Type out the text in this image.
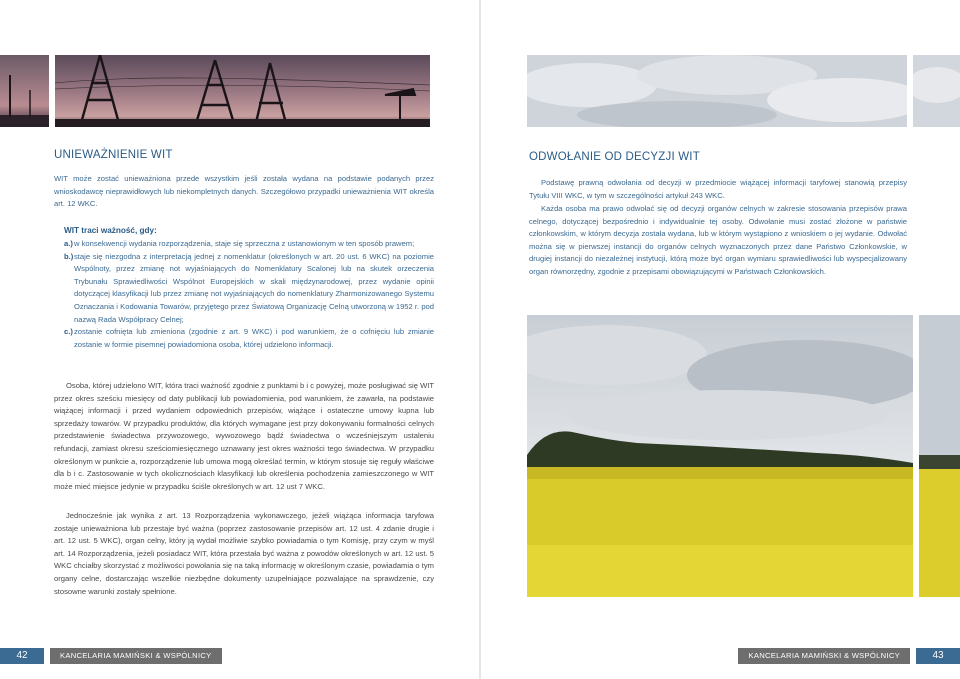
UNIEWAŻNIENIE WIT
WIT może zostać unieważniona przede wszystkim jeśli została wydana na podstawie podanych przez wnioskodawcę nieprawidłowych lub niekompletnych danych. Szczegółowo przypadki unieważnienia WIT określa art. 12 WKC.
WIT traci ważność, gdy:
a.) w konsekwencji wydania rozporządzenia, staje się sprzeczna z ustanowionym w ten sposób prawem;
b.) staje się niezgodna z interpretacją jednej z nomenklatur (określonych w art. 20 ust. 6 WKC) na poziomie Wspólnoty, przez zmianę not wyjaśniających do Nomenklatury Scalonej lub na skutek orzeczenia Trybunału Sprawiedliwości Wspólnot Europejskich w skali międzynarodowej, przez wydanie opinii dotyczącej klasyfikacji lub przez zmianę not wyjaśniających do nomenklatury Zharmonizowanego Systemu Oznaczania i Kodowania Towarów, przyjętego przez Światową Organizację Celną utworzoną w 1952 r. pod nazwą Rada Współpracy Celnej;
c.) zostanie cofnięta lub zmieniona (zgodnie z art. 9 WKC) i pod warunkiem, że o cofnięciu lub zmianie zostanie w formie pisemnej powiadomiona osoba, której udzielono informacji.
Osoba, której udzielono WIT, która traci ważność zgodnie z punktami b i c powyżej, może posługiwać się WIT przez okres sześciu miesięcy od daty publikacji lub powiadomienia, pod warunkiem, że zawarła, na podstawie wiążącej informacji i przed wydaniem odpowiednich przepisów, wiążące i ostateczne umowy kupna lub sprzedaży towarów. W przypadku produktów, dla których wymagane jest przy dokonywaniu formalności celnych przedstawienie świadectwa przywozowego, wywozowego bądź świadectwa o wcześniejszym ustaleniu refundacji, zamiast okresu sześciomiesięcznego uznawany jest okres ważności tego świadectwa. W przypadku określonym w punkcie a, rozporządzenie lub umowa mogą określać termin, w którym stosuje się reguły właściwe dla b i c. Zastosowanie w tych okolicznościach klasyfikacji lub określenia pochodzenia zamieszczonego w WIT może mieć miejsce jedynie w przypadku ściśle określonych w art. 12 ust 7 WKC.
Jednocześnie jak wynika z art. 13 Rozporządzenia wykonawczego, jeżeli wiążąca informacja taryfowa zostaje unieważniona lub przestaje być ważna (poprzez zastosowanie przepisów art. 12 ust. 4 zdanie drugie i art. 12 ust. 5 WKC), organ celny, który ją wydał możliwie szybko powiadamia o tym Komisję, przy czym w myśl art. 14 Rozporządzenia, jeżeli posiadacz WIT, która przestała być ważna z powodów określonych w art. 12 ust. 5 WKC chciałby skorzystać z możliwości powołania się na taką informację w określonym czasie, powiadamia o tym organy celne, dostarczając wszelkie niezbędne dokumenty uzupełniające pozwalające na sprawdzenie, czy stosowne warunki zostały spełnione.
ODWOŁANIE OD DECYZJI WIT
Podstawę prawną odwołania od decyzji w przedmiocie wiążącej informacji taryfowej stanowią przepisy Tytułu VIII WKC, w tym w szczególności artykuł 243 WKC.
Każda osoba ma prawo odwołać się od decyzji organów celnych w zakresie stosowania przepisów prawa celnego, dotyczącej bezpośrednio i indywidualnie tej osoby. Odwołanie musi zostać złożone w państwie członkowskim, w którym decyzja została wydana, lub w którym wystąpiono z wnioskiem o jej wydanie. Odwołać można się w pierwszej instancji do organów celnych wyznaczonych przez dane Państwo Członkowskie, w drugiej instancji do niezależnej instytucji, którą może być organ wymiaru sprawiedliwości lub wyspecjalizowany organ równorzędny, zgodnie z przepisami obowiązującymi w Państwach Członkowskich.
42	KANCELARIA MAMIŃSKI & WSPÓLNICY	KANCELARIA MAMIŃSKI & WSPÓLNICY	43
